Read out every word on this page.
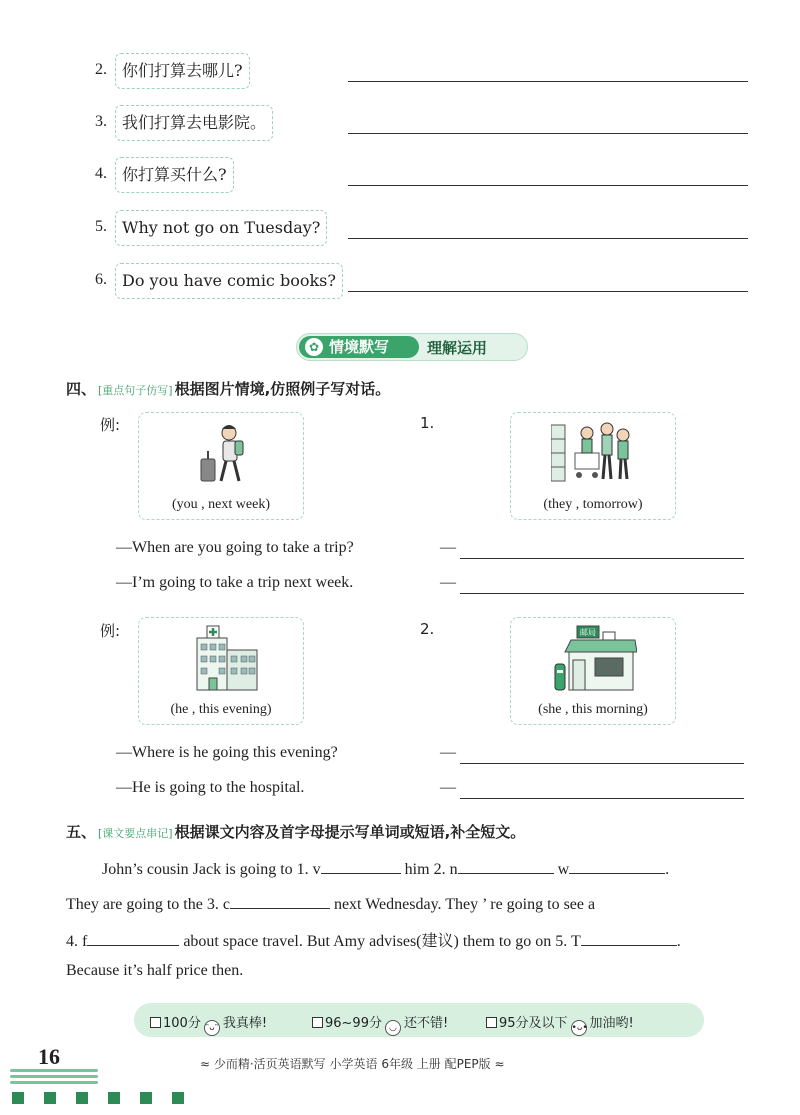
2. 你们打算去哪儿?
3. 我们打算去电影院。
4. 你打算买什么?
5. Why not go on Tuesday?
6. Do you have comic books?
✿ 情境默写	理解运用
四、 [重点句子仿写] 根据图片情境,仿照例子写对话。
例:
(you , next week)
1.
(they , tomorrow)
—When are you going to take a trip?	—
—I’m going to take a trip next week.	—
例:
(he , this evening)
2.	邮局
(she , this morning)
—Where is he going this evening?	—
—He is going to the hospital.	—
五、 [课文要点串记] 根据课文内容及首字母提示写单词或短语,补全短文。
John’s cousin Jack is going to 1. v	him 2. n	w	.
They are going to the 3. c	next Wednesday. They ’ re going to see a
4. f	about space travel. But Amy advises(建议) them to go on 5. T	.
Because it’s half price then.
100分 ᵔᴗᵔ 我真棒!	96~99分 ◡ 还不错!	95分及以下 •ᴗ• 加油哟!
16	≈ 少而精·活页英语默写 小学英语 6年级 上册 配PEP版 ≈
